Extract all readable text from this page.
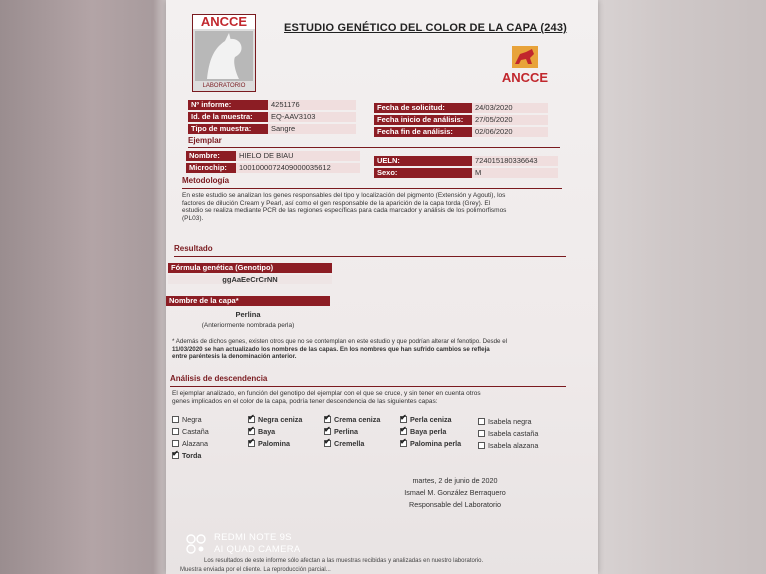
ANCCE
LABORATORIO
ESTUDIO GENÉTICO DEL COLOR DE LA CAPA (243)
ANCCE
Nº informe:	4251176
Id. de la muestra:	EQ-AAV3103
Tipo de muestra:	Sangre
Fecha de solicitud:	24/03/2020
Fecha inicio de análisis:	27/05/2020
Fecha fin de análisis:	02/06/2020
Ejemplar
Nombre:	HIELO DE BIAU
Microchip:	1001000072409000035612
UELN:	724015180336643
Sexo:	M
Metodología
En este estudio se analizan los genes responsables del tipo y localización del pigmento (Extensión y Agouti), los
factores de dilución Cream y Pearl, así como el gen responsable de la aparición de la capa torda (Grey). El
estudio se realiza mediante PCR de las regiones específicas para cada marcador y análisis de los polimorfismos
(PL03).
Resultado
Fórmula genética (Genotipo)
ggAaEeCrCrNN
Nombre de la capa*
Perlina
(Anteriormente nombrada perla)
* Además de dichos genes, existen otros que no se contemplan en este estudio y que podrían alterar el fenotipo. Desde el
11/03/2020 se han actualizado los nombres de las capas. En los nombres que han sufrido cambios se refleja
entre paréntesis la denominación anterior.
Análisis de descendencia
El ejemplar analizado, en función del genotipo del ejemplar con el que se cruce, y sin tener en cuenta otros
genes implicados en el color de la capa, podría tener descendencia de las siguientes capas:
Negra
Castaña
Alazana
✔
Torda
✔
Negra ceniza
✔
Baya
✔
Palomina
✔
Crema ceniza
✔
Perlina
✔
Cremella
✔
Perla ceniza
✔
Baya perla
✔
Palomina perla
Isabela negra
Isabela castaña
Isabela alazana
martes, 2 de junio de 2020
Ismael M. González Berraquero
Responsable del Laboratorio
Los resultados de este informe sólo afectan a las muestras recibidas y analizadas en nuestro laboratorio.
Muestra enviada por el cliente. La reproducción parcial...
REDMI NOTE 9S
AI QUAD CAMERA
